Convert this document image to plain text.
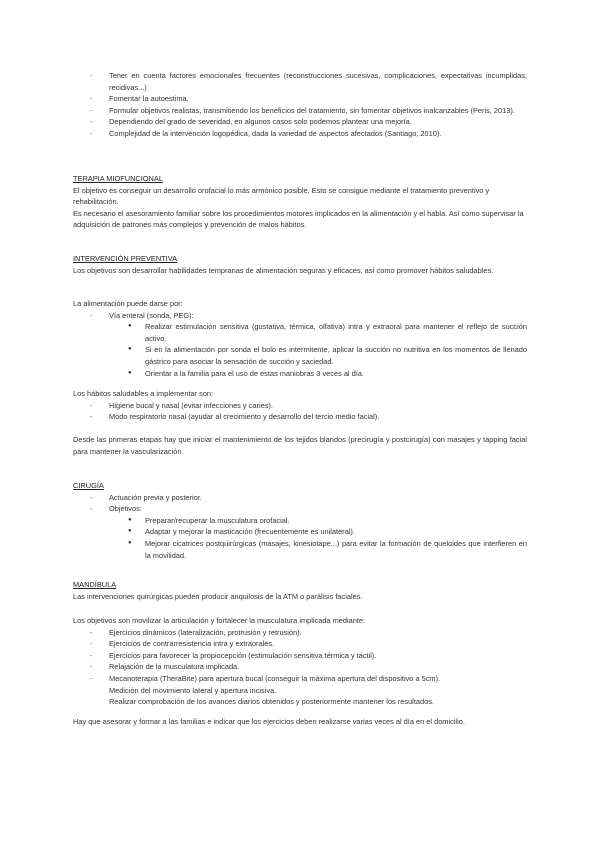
- Tener en cuenta factores emocionales frecuentes (reconstrucciones sucesivas, complicaciones, expectativas incumplidas, recidivas...)
- Fomentar la autoestima.
- Formular objetivos realistas, transmitiendo los beneficios del tratamiento, sin fomentar objetivos inalcanzables (Peris, 2013).
- Dependiendo del grado de severidad, en algunos casos solo podemos plantear una mejoría.
- Complejidad de la intervención logopédica, dada la variedad de aspectos afectados (Santiago, 2010).

TERAPIA MIOFUNCIONAL

El objetivo es conseguir un desarrollo orofacial lo más armónico posible. Esto se consigue mediante el tratamiento preventivo y rehabilitación.

Es necesario el asesoramiento familiar sobre los procedimientos motores implicados en la alimentación y el habla. Así como supervisar la adquisición de patrones más complejos y prevención de malos hábitos.

INTERVENCIÓN PREVENTIVA

Los objetivos son desarrollar habilidades tempranas de alimentación seguras y eficaces, así como promover hábitos saludables.

La alimentación puede darse por:

- Vía enteral (sonda, PEG):
● Realizar estimulación sensitiva (gustativa, térmica, olfativa) intra y extraoral para mantener el reflejo de succión activo.
● Si en la alimentación por sonda el bolo es intermitente, aplicar la succión no nutritiva en los momentos de llenado gástrico para asociar la sensación de succión y saciedad.
● Orientar a la familia para el uso de estas maniobras 3 veces al día.

Los hábitos saludables a implementar son:

- Higiene bucal y nasal (evitar infecciones y caries).
- Modo respiratorio nasal (ayudar al crecimiento y desarrollo del tercio medio facial).

Desde las primeras etapas hay que iniciar el mantenimiento de los tejidos blandos (precirugía y postcirugía) con masajes y tapping facial para mantener la vascularización.

CIRUGÍA

- Actuación previa y posterior.
- Objetivos:
● Preparar/recuperar la musculatura orofacial.
● Adaptar y mejorar la masticación (frecuentemente es unilateral).
● Mejorar cicatrices postquirúrgicas (masajes, kinesiotape...) para evitar la formación de queloides que interfieren en la movilidad.

MANDÍBULA

Las intervenciones quirúrgicas pueden producir anquilosis de la ATM o parálisis faciales.

Los objetivos son movilizar la articulación y fortalecer la musculatura implicada mediante:

- Ejercicios dinámicos (lateralización, protrusión y retrusión).
- Ejercicios de contrarresistencia intra y extraorales.
- Ejercicios para favorecer la propiocepción (estimulación sensitiva térmica y táctil).
- Relajación de la musculatura implicada.
- Mecanoterapia (TheraBite) para apertura bucal (conseguir la máxima apertura del dispositivo a 5cm).

Medición del movimiento lateral y apertura incisiva.

Realizar comprobación de los avances diarios obtenidos y posteriormente mantener los resultados.

Hay que asesorar y formar a las familias e indicar que los ejercicios deben realizarse varias veces al día en el domicilio.
